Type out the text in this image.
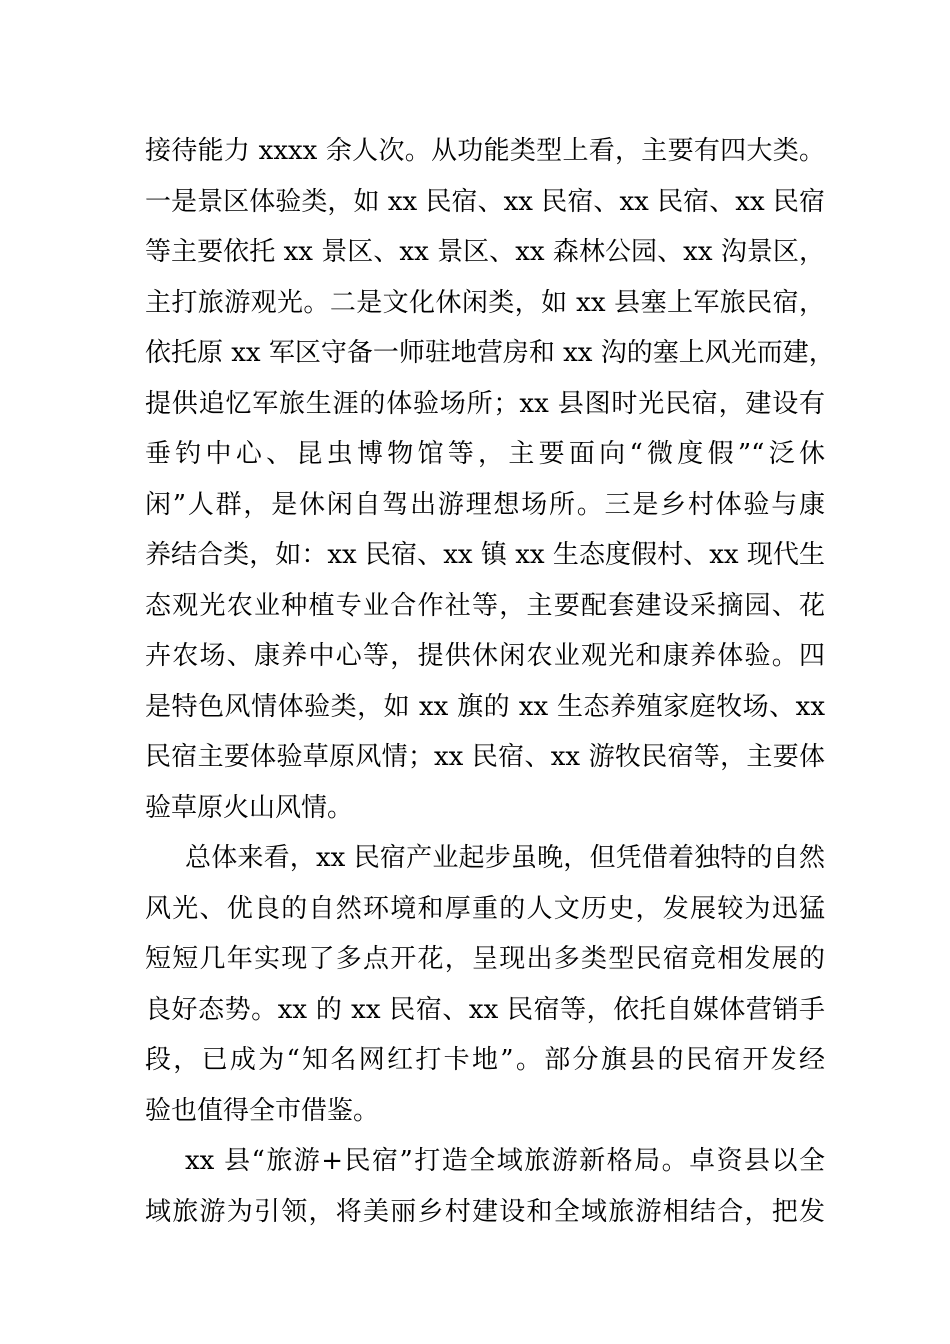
接待能力 xxxx 余人次。从功能类型上看，主要有四大类。
一是景区体验类，如 xx 民宿、xx 民宿、xx 民宿、xx 民宿
等主要依托 xx 景区、xx 景区、xx 森林公园、xx 沟景区，
主打旅游观光。二是文化休闲类，如 xx 县塞上军旅民宿，
依托原 xx 军区守备一师驻地营房和 xx 沟的塞上风光而建，
提供追忆军旅生涯的体验场所；xx 县图时光民宿，建设有
垂钓中心、昆虫博物馆等，主要面向“微度假”“泛休
闲”人群，是休闲自驾出游理想场所。三是乡村体验与康
养结合类，如：xx 民宿、xx 镇 xx 生态度假村、xx 现代生
态观光农业种植专业合作社等，主要配套建设采摘园、花
卉农场、康养中心等，提供休闲农业观光和康养体验。四
是特色风情体验类，如 xx 旗的 xx 生态养殖家庭牧场、xx
民宿主要体验草原风情；xx 民宿、xx 游牧民宿等，主要体
验草原火山风情。
总体来看，xx 民宿产业起步虽晚，但凭借着独特的自然
风光、优良的自然环境和厚重的人文历史，发展较为迅猛
短短几年实现了多点开花，呈现出多类型民宿竞相发展的
良好态势。xx 的 xx 民宿、xx 民宿等，依托自媒体营销手
段，已成为“知名网红打卡地”。部分旗县的民宿开发经
验也值得全市借鉴。
xx 县“旅游+民宿”打造全域旅游新格局。卓资县以全
域旅游为引领，将美丽乡村建设和全域旅游相结合，把发
